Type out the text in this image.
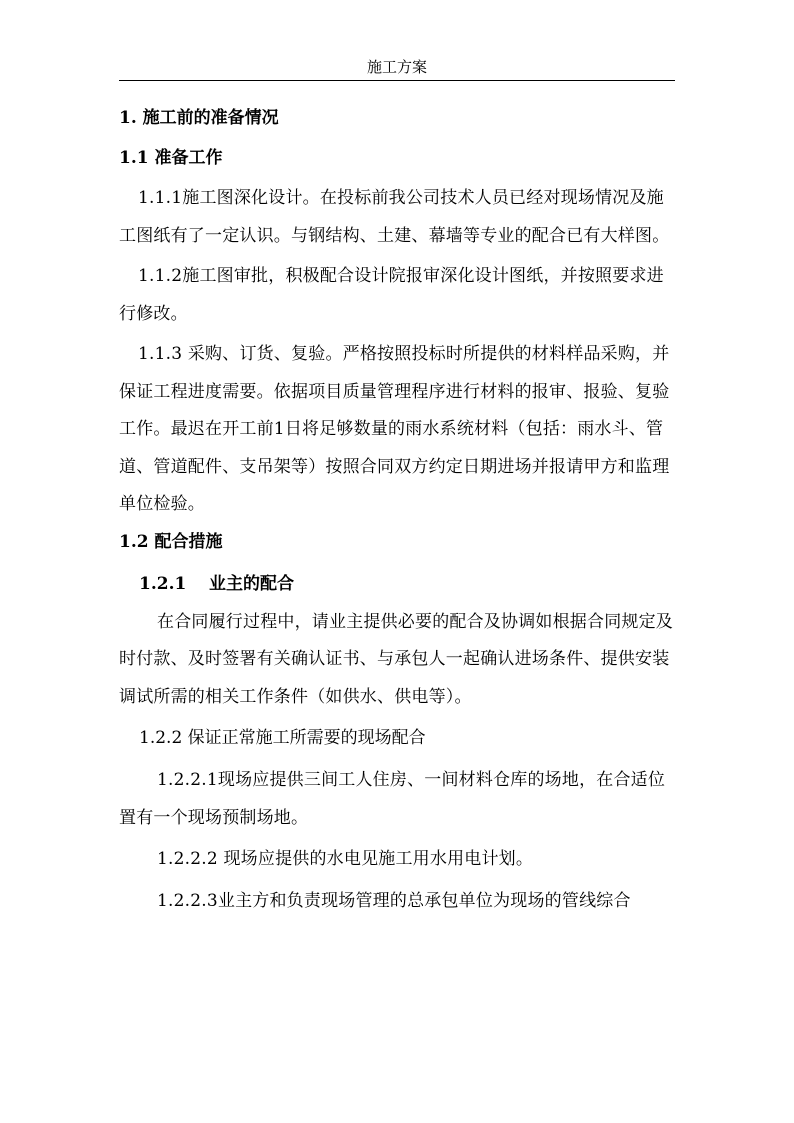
施工方案
1. 施工前的准备情况
1.1 准备工作

1.1.1施工图深化设计。在投标前我公司技术人员已经对现场情况及施工图纸有了一定认识。与钢结构、土建、幕墙等专业的配合已有大样图。

1.1.2施工图审批，积极配合设计院报审深化设计图纸，并按照要求进行修改。

1.1.3 采购、订货、复验。严格按照投标时所提供的材料样品采购，并保证工程进度需要。依据项目质量管理程序进行材料的报审、报验、复验工作。最迟在开工前1日将足够数量的雨水系统材料（包括：雨水斗、管道、管道配件、支吊架等）按照合同双方约定日期进场并报请甲方和监理单位检验。

1.2 配合措施
1.2.1 业主的配合

在合同履行过程中，请业主提供必要的配合及协调如根据合同规定及时付款、及时签署有关确认证书、与承包人一起确认进场条件、提供安装调试所需的相关工作条件（如供水、供电等）。

1.2.2 保证正常施工所需要的现场配合

1.2.2.1现场应提供三间工人住房、一间材料仓库的场地，在合适位置有一个现场预制场地。

1.2.2.2 现场应提供的水电见施工用水用电计划。

1.2.2.3业主方和负责现场管理的总承包单位为现场的管线综合
